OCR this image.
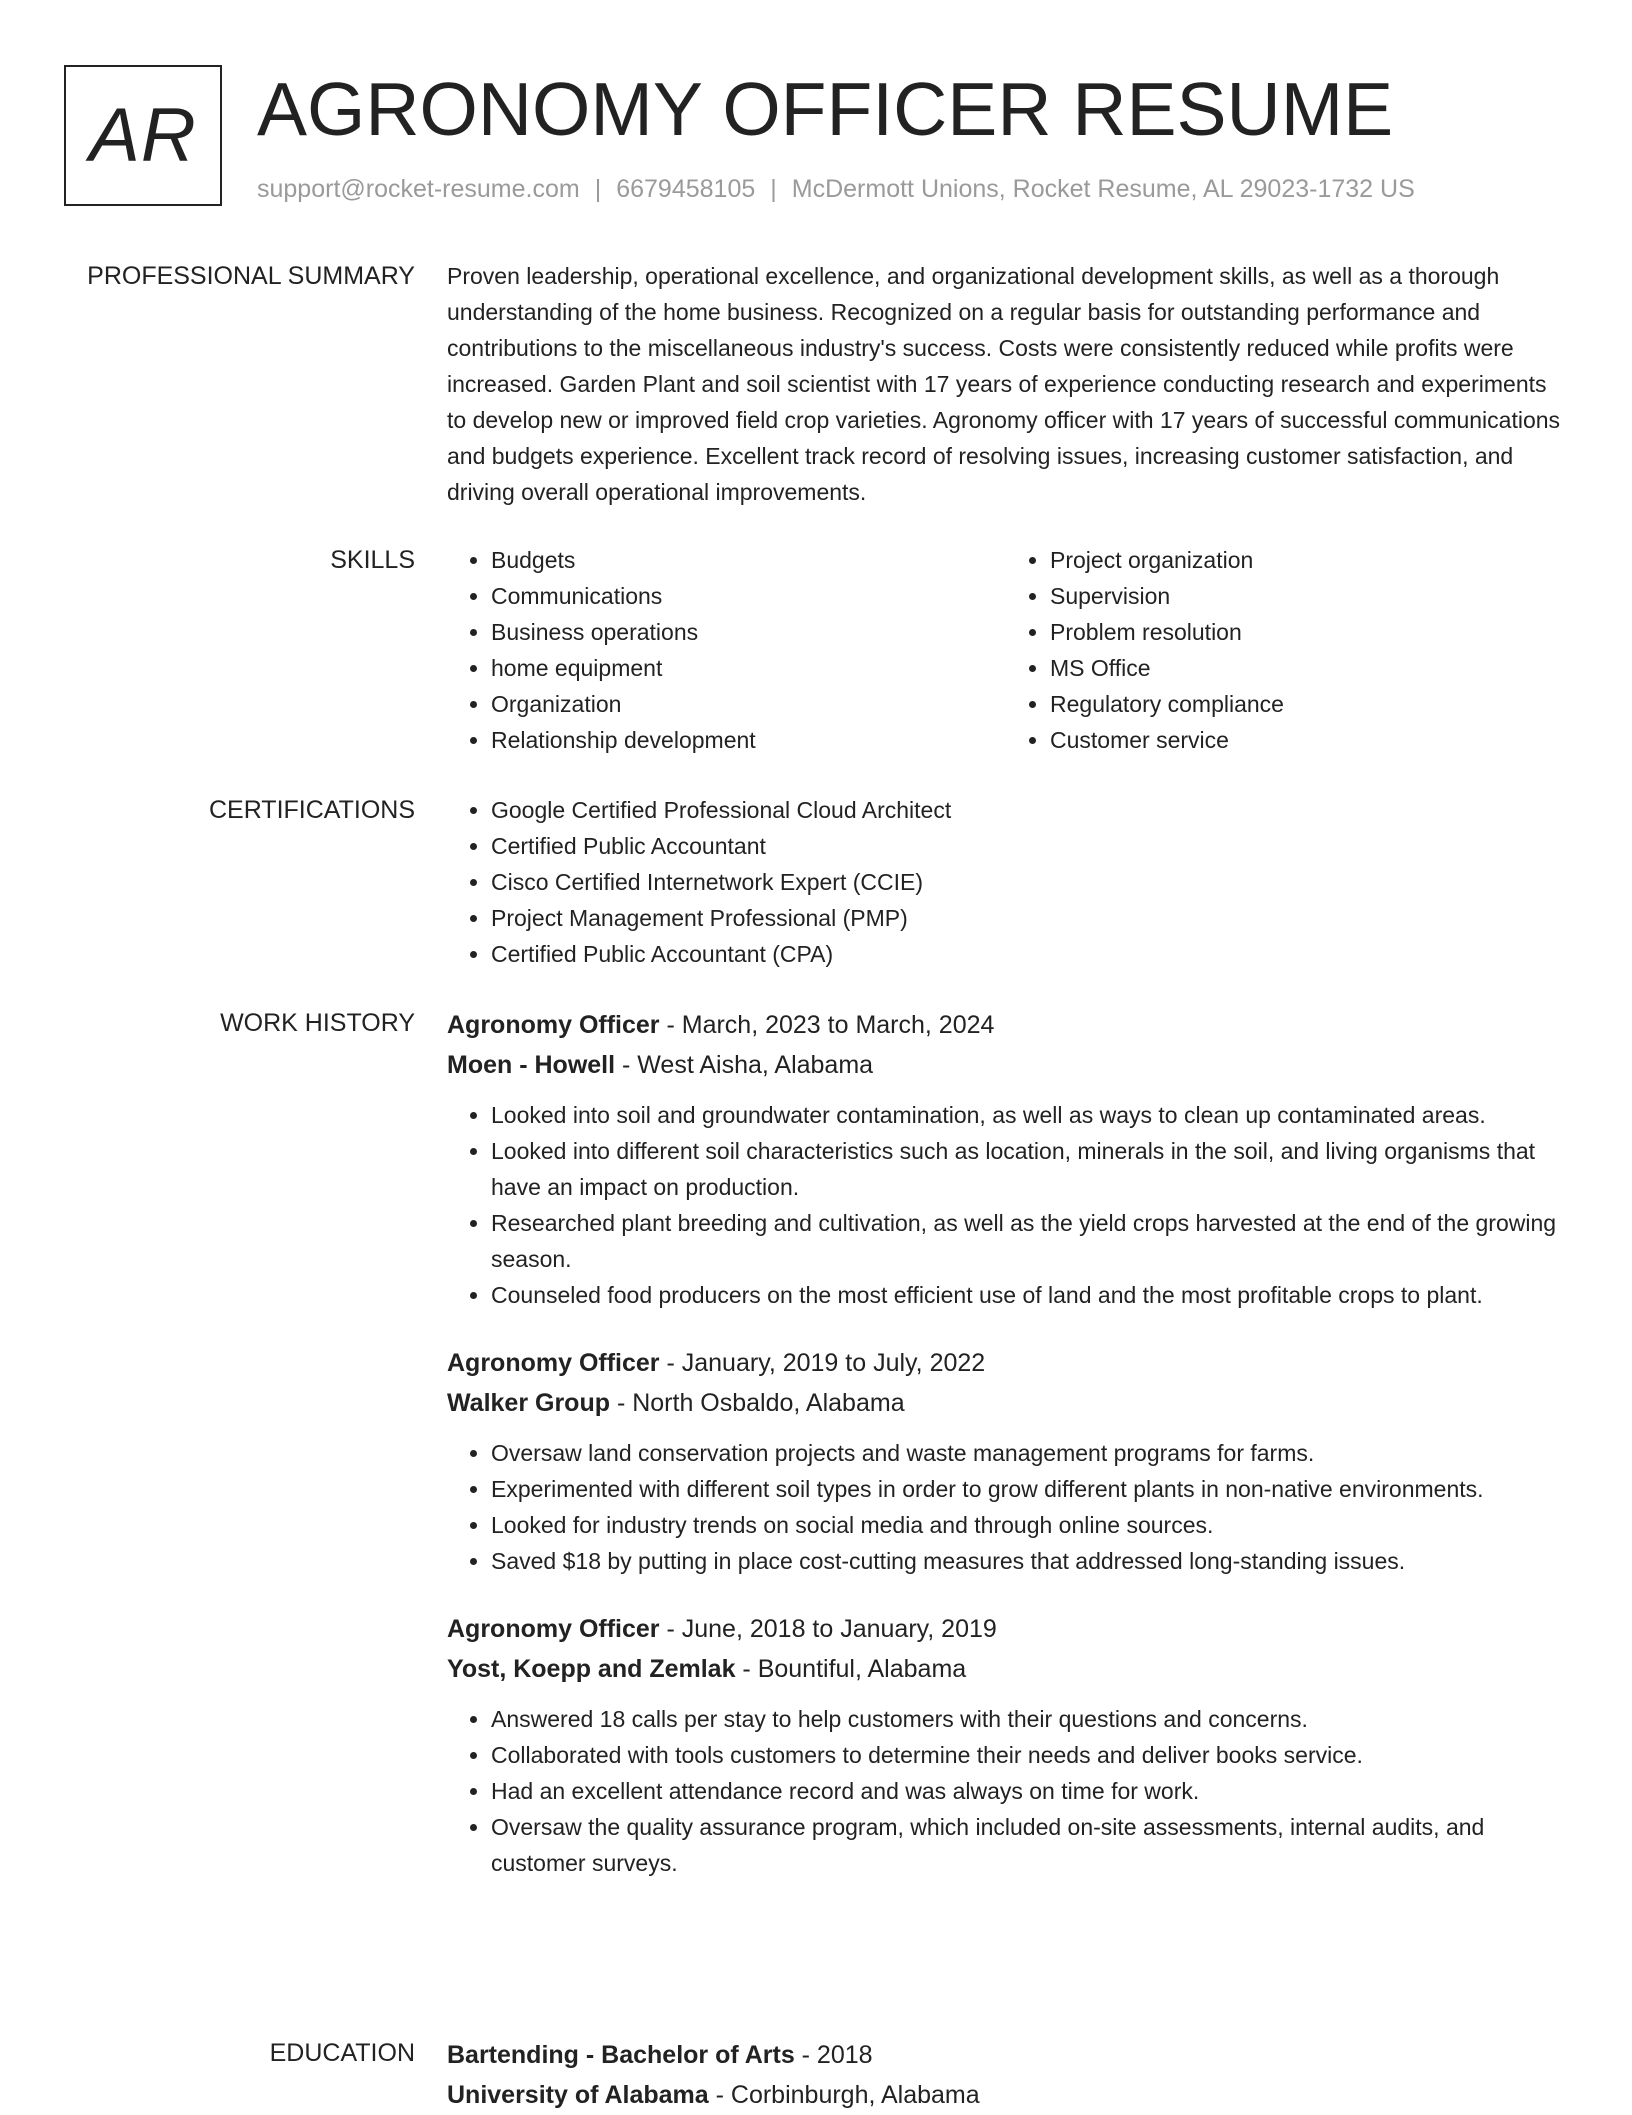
AR AGRONOMY OFFICER RESUME
support@rocket-resume.com | 6679458105 | McDermott Unions, Rocket Resume, AL 29023-1732 US
PROFESSIONAL SUMMARY Proven leadership, operational excellence, and organizational development skills, as well as a thorough understanding of the home business. Recognized on a regular basis for outstanding performance and contributions to the miscellaneous industry's success. Costs were consistently reduced while profits were increased. Garden Plant and soil scientist with 17 years of experience conducting research and experiments to develop new or improved field crop varieties. Agronomy officer with 17 years of successful communications and budgets experience. Excellent track record of resolving issues, increasing customer satisfaction, and driving overall operational improvements.

SKILLS	• Budgets
• Communications
• Business operations
• home equipment
• Organization
• Relationship development
• Project organization
• Supervision
• Problem resolution
• MS Office
• Regulatory compliance
• Customer service
CERTIFICATIONS	• Google Certified Professional Cloud Architect
• Certified Public Accountant
• Cisco Certified Internetwork Expert (CCIE)
• Project Management Professional (PMP)
• Certified Public Accountant (CPA)
WORK HISTORY Agronomy Officer - March, 2023 to March, 2024
Moen - Howell - West Aisha, Alabama
• Looked into soil and groundwater contamination, as well as ways to clean up contaminated areas.
• Looked into different soil characteristics such as location, minerals in the soil, and living organisms that have an impact on production.
• Researched plant breeding and cultivation, as well as the yield crops harvested at the end of the growing season.
• Counseled food producers on the most efficient use of land and the most profitable crops to plant.
Agronomy Officer - January, 2019 to July, 2022
Walker Group - North Osbaldo, Alabama
• Oversaw land conservation projects and waste management programs for farms.
• Experimented with different soil types in order to grow different plants in non-native environments.
• Looked for industry trends on social media and through online sources.
• Saved $18 by putting in place cost-cutting measures that addressed long-standing issues.
Agronomy Officer - June, 2018 to January, 2019
Yost, Koepp and Zemlak - Bountiful, Alabama
• Answered 18 calls per stay to help customers with their questions and concerns.
• Collaborated with tools customers to determine their needs and deliver books service.
• Had an excellent attendance record and was always on time for work.
• Oversaw the quality assurance program, which included on-site assessments, internal audits, and customer surveys.
EDUCATION Bartending - Bachelor of Arts - 2018
University of Alabama - Corbinburgh, Alabama
